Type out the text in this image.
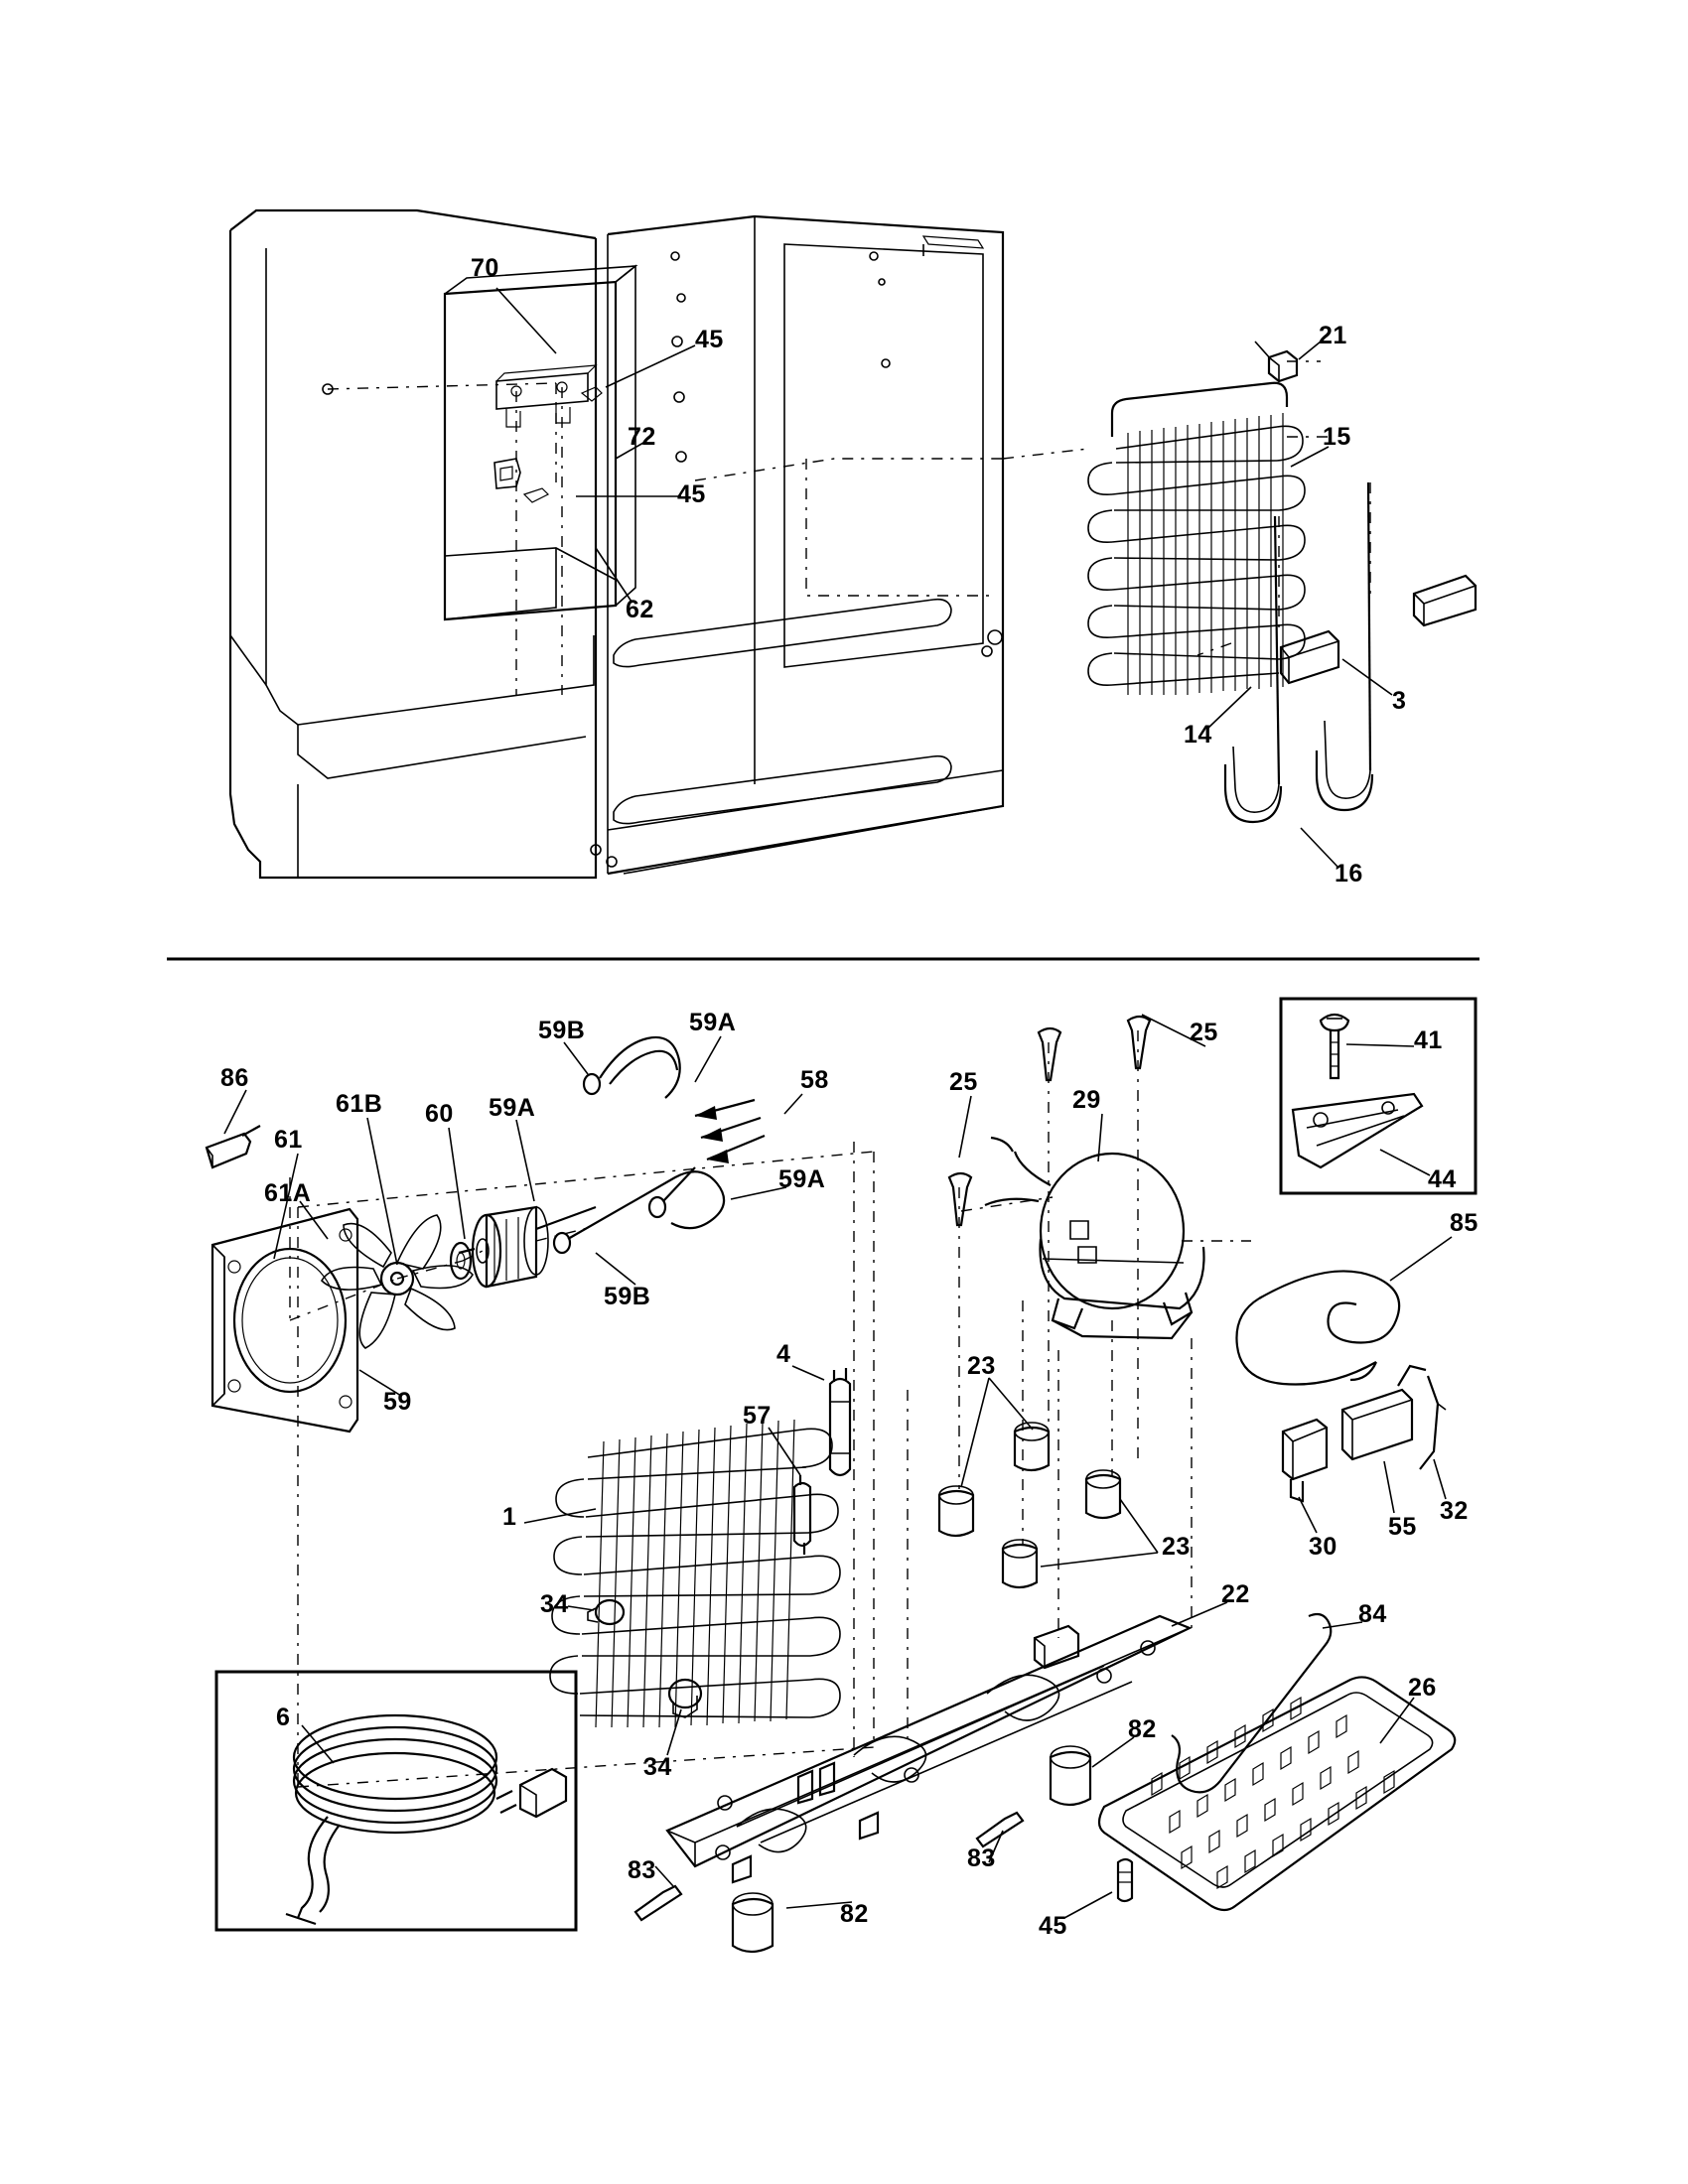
70
45
72
45
62
21
15
3
14
16
86
61
61A
61B 60 59A
59B	59A
58
59A
59B
59
25
25
29
41
44
85
4
57
23
23	30
55
32
1
34
34
22
84
26
82
82
83	83
45
6
